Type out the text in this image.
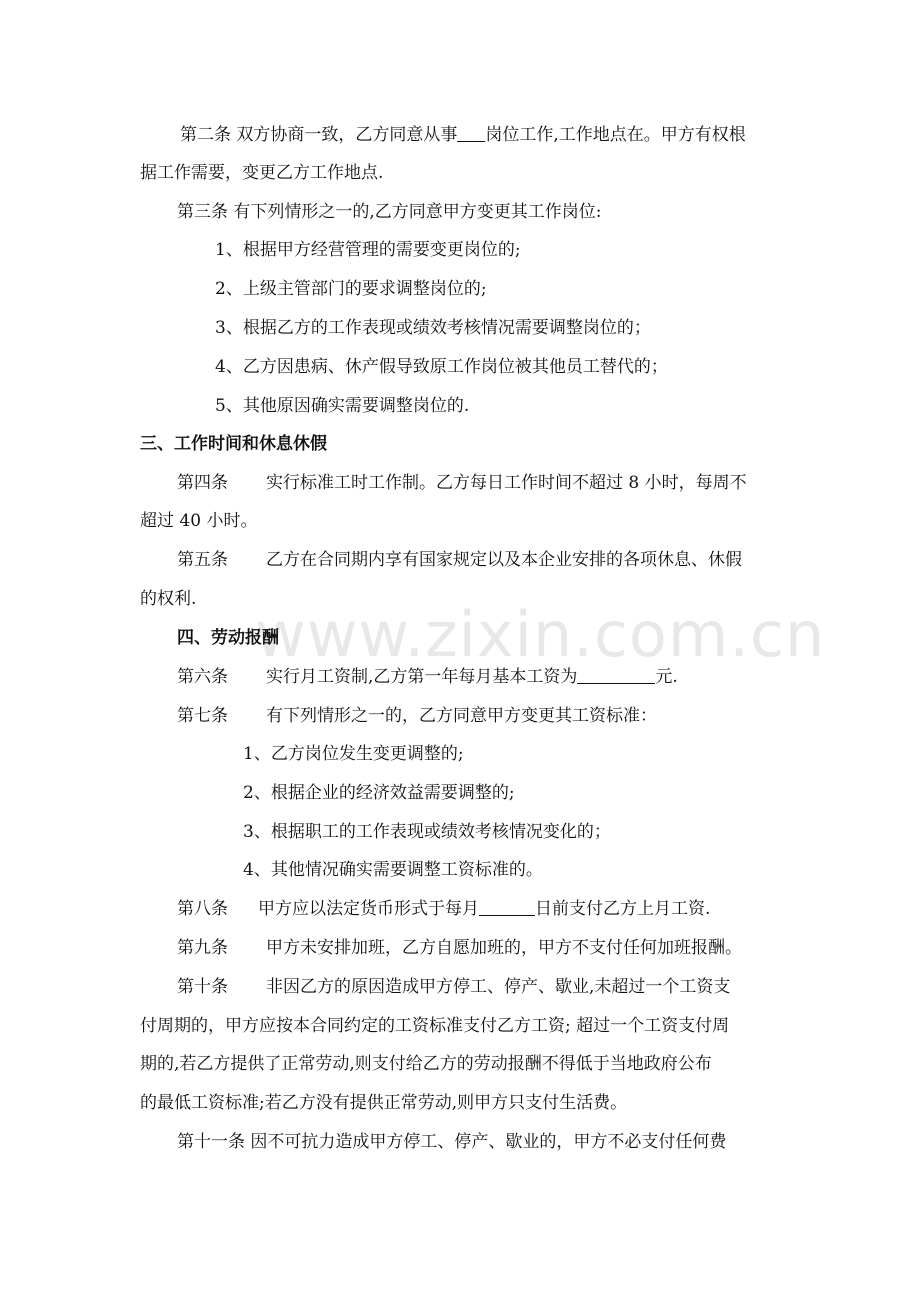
www.zixin.com.cn
第二条 双方协商一致，乙方同意从事 岗位工作,工作地点在。甲方有权根
据工作需要，变更乙方工作地点.
第三条 有下列情形之一的,乙方同意甲方变更其工作岗位:
1、根据甲方经营管理的需要变更岗位的;
2、上级主管部门的要求调整岗位的;
3、根据乙方的工作表现或绩效考核情况需要调整岗位的；
4、乙方因患病、休产假导致原工作岗位被其他员工替代的；
5、其他原因确实需要调整岗位的.
三、工作时间和休息休假
第四条 实行标准工时工作制。乙方每日工作时间不超过 8 小时，每周不
超过 40 小时。
第五条 乙方在合同期内享有国家规定以及本企业安排的各项休息、休假
的权利.
四、劳动报酬
第六条 实行月工资制,乙方第一年每月基本工资为	元.
第七条 有下列情形之一的，乙方同意甲方变更其工资标准：
1、乙方岗位发生变更调整的;
2、根据企业的经济效益需要调整的;
3、根据职工的工作表现或绩效考核情况变化的；
4、其他情况确实需要调整工资标准的。
第八条 甲方应以法定货币形式于每月	日前支付乙方上月工资.
第九条 甲方未安排加班，乙方自愿加班的，甲方不支付任何加班报酬。
第十条 非因乙方的原因造成甲方停工、停产、歇业,未超过一个工资支
付周期的，甲方应按本合同约定的工资标准支付乙方工资; 超过一个工资支付周
期的,若乙方提供了正常劳动,则支付给乙方的劳动报酬不得低于当地政府公布
的最低工资标准;若乙方没有提供正常劳动,则甲方只支付生活费。
第十一条 因不可抗力造成甲方停工、停产、歇业的，甲方不必支付任何费
